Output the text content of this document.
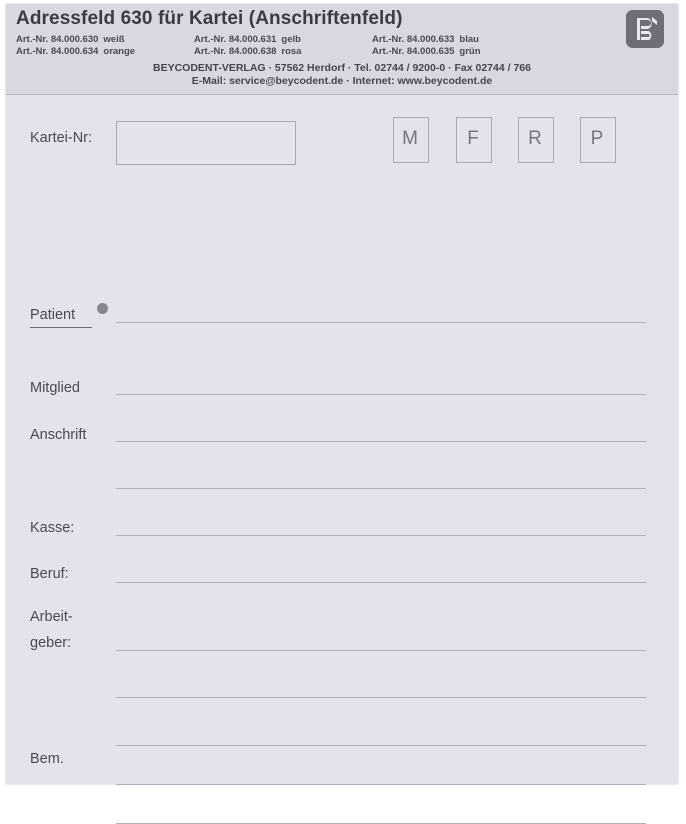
Adressfeld 630 für Kartei (Anschriftenfeld)
Art.-Nr. 84.000.630 weiß	Art.-Nr. 84.000.631 gelb	Art.-Nr. 84.000.633 blau
Art.-Nr. 84.000.634 orange	Art.-Nr. 84.000.638 rosa	Art.-Nr. 84.000.635 grün
BEYCODENT-VERLAG · 57562 Herdorf · Tel. 02744 / 9200-0 · Fax 02744 / 766
E-Mail: service@beycodent.de · Internet: www.beycodent.de
Kartei-Nr:	M	F	R	P
Patient
Mitglied
Anschrift
Kasse:
Beruf:
Arbeit-
geber:
Bem.
